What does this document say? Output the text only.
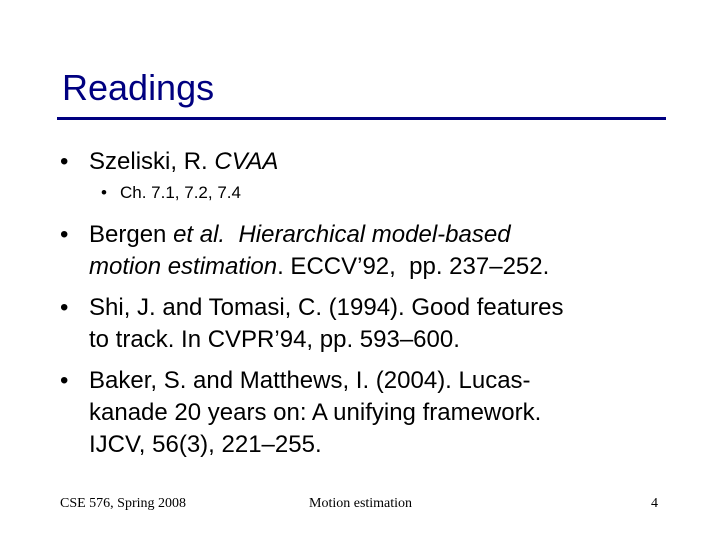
Readings
• Szeliski, R. CVAA
• Ch. 7.1, 7.2, 7.4
• Bergen et al. Hierarchical model-based
motion estimation. ECCV’92,  pp. 237–252.
• Shi, J. and Tomasi, C. (1994). Good features
to track. In CVPR’94, pp. 593–600.
• Baker, S. and Matthews, I. (2004). Lucas-
kanade 20 years on: A unifying framework.
IJCV, 56(3), 221–255.
CSE 576, Spring 2008	Motion estimation	4
